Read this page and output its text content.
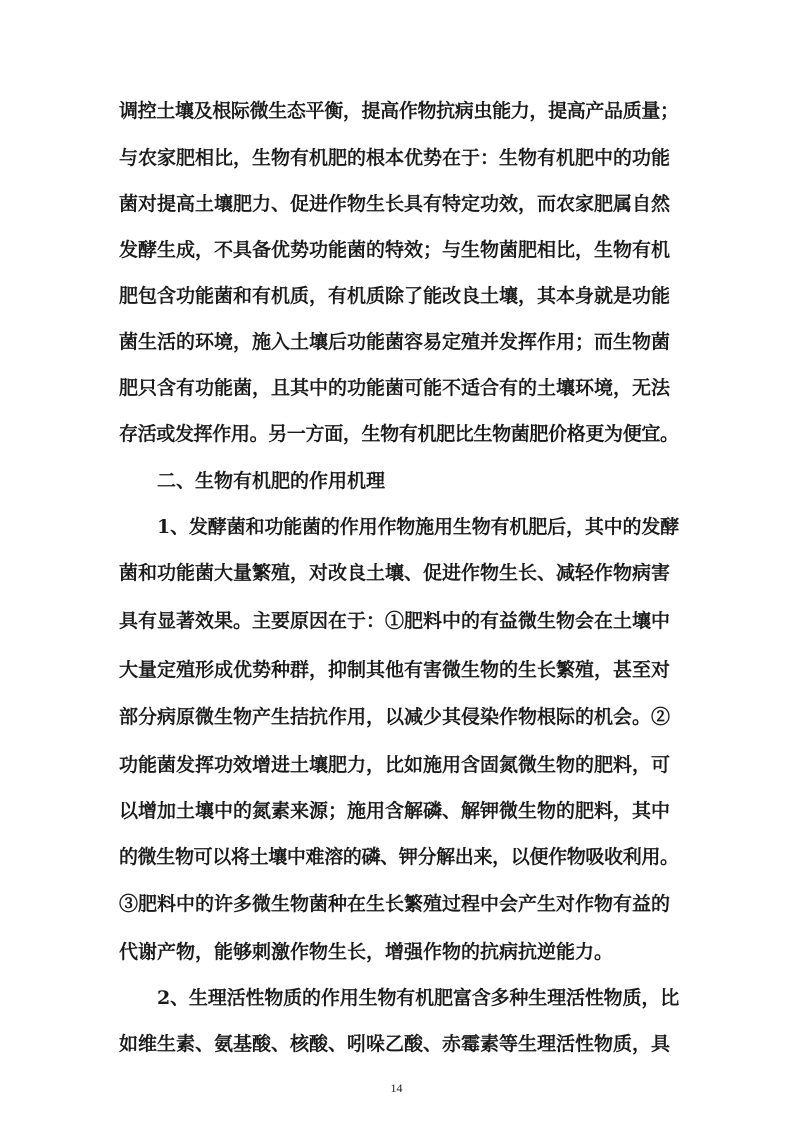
调控土壤及根际微生态平衡，提高作物抗病虫能力，提高产品质量；
与农家肥相比，生物有机肥的根本优势在于：生物有机肥中的功能
菌对提高土壤肥力、促进作物生长具有特定功效，而农家肥属自然
发酵生成，不具备优势功能菌的特效；与生物菌肥相比，生物有机
肥包含功能菌和有机质，有机质除了能改良土壤，其本身就是功能
菌生活的环境，施入土壤后功能菌容易定殖并发挥作用；而生物菌
肥只含有功能菌，且其中的功能菌可能不适合有的土壤环境，无法
存活或发挥作用。另一方面，生物有机肥比生物菌肥价格更为便宜。
二、生物有机肥的作用机理
1、发酵菌和功能菌的作用作物施用生物有机肥后，其中的发酵
菌和功能菌大量繁殖，对改良土壤、促进作物生长、减轻作物病害
具有显著效果。主要原因在于：①肥料中的有益微生物会在土壤中
大量定殖形成优势种群，抑制其他有害微生物的生长繁殖，甚至对
部分病原微生物产生拮抗作用，以减少其侵染作物根际的机会。②
功能菌发挥功效增进土壤肥力，比如施用含固氮微生物的肥料，可
以增加土壤中的氮素来源；施用含解磷、解钾微生物的肥料，其中
的微生物可以将土壤中难溶的磷、钾分解出来，以便作物吸收利用。
③肥料中的许多微生物菌种在生长繁殖过程中会产生对作物有益的
代谢产物，能够刺激作物生长，增强作物的抗病抗逆能力。
2、生理活性物质的作用生物有机肥富含多种生理活性物质，比
如维生素、氨基酸、核酸、吲哚乙酸、赤霉素等生理活性物质，具
14
